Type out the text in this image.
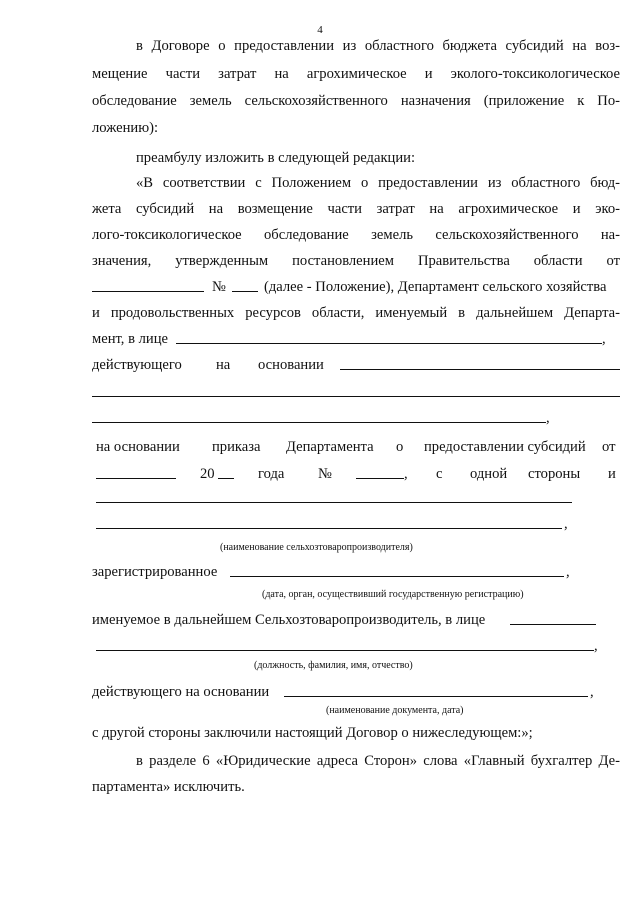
4
в Договоре о предоставлении из областного бюджета субсидий на воз-
мещение части затрат на агрохимическое и эколого-токсикологическое
обследование земель сельскохозяйственного назначения (приложение к По-
ложению):
преамбулу изложить в следующей редакции:
«В соответствии с Положением о предоставлении из областного бюд-
жета субсидий на возмещение части затрат на агрохимическое и эко-
лого-токсикологическое обследование земель сельскохозяйственного на-
значения, утвержденным постановлением Правительства области от
№	(далее - Положение), Департамент сельского хозяйства
и продовольственных ресурсов области, именуемый в дальнейшем Департа-
мент, в лице	,
действующего	на	основании
,
на основании	приказа	Департамента	о	предоставлении субсидий	от
20	года	№	,	с	одной	стороны	и
,
(наименование сельхозтоваропроизводителя)
зарегистрированное	,
(дата, орган, осуществивший государственную регистрацию)
именуемое в дальнейшем Сельхозтоваропроизводитель, в лице
,
(должность, фамилия, имя, отчество)
действующего на основании	,
(наименование документа, дата)
с другой стороны заключили настоящий Договор о нижеследующем:»;
в разделе 6 «Юридические адреса Сторон» слова «Главный бухгалтер Де-
партамента» исключить.
